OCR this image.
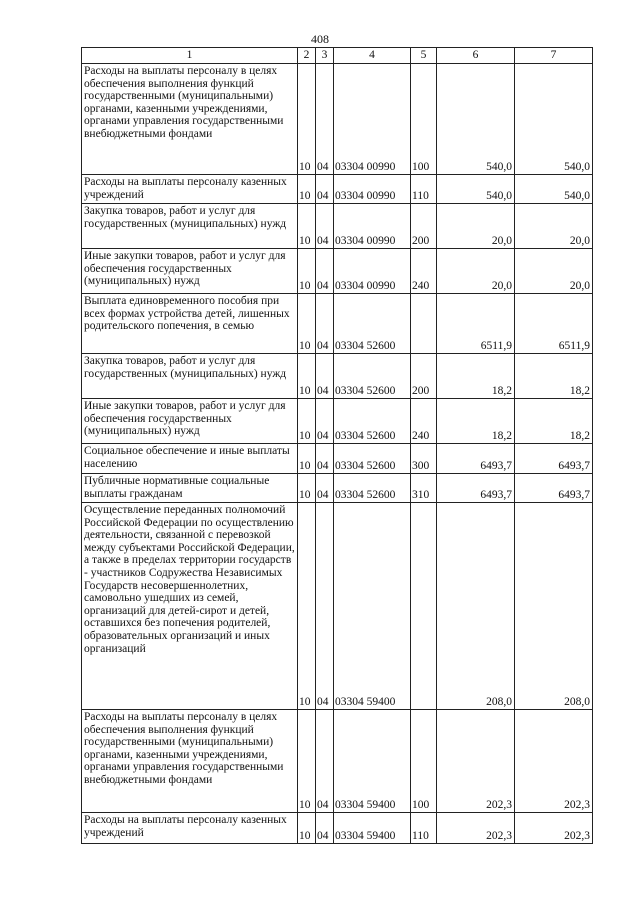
408
1	2	3	4	5	6	7
Расходы на выплаты персоналу в целях обеспечения выполнения функций государственными (муниципальными) органами, казенными учреждениями, органами управления государственными внебюджетными фондами	10	04	03304 00990	100	540,0	540,0
Расходы на выплаты персоналу казенных учреждений	10	04	03304 00990	110	540,0	540,0
Закупка товаров, работ и услуг для государственных (муниципальных) нужд	10	04	03304 00990	200	20,0	20,0
Иные закупки товаров, работ и услуг для обеспечения государственных (муниципальных) нужд	10	04	03304 00990	240	20,0	20,0
Выплата единовременного пособия при всех формах устройства детей, лишенных родительского попечения, в семью	10	04	03304 52600		6511,9	6511,9
Закупка товаров, работ и услуг для государственных (муниципальных) нужд	10	04	03304 52600	200	18,2	18,2
Иные закупки товаров, работ и услуг для обеспечения государственных (муниципальных) нужд	10	04	03304 52600	240	18,2	18,2
Социальное обеспечение и иные выплаты населению	10	04	03304 52600	300	6493,7	6493,7
Публичные нормативные социальные выплаты гражданам	10	04	03304 52600	310	6493,7	6493,7
Осуществление переданных полномочий Российской Федерации по осуществлению деятельности, связанной с перевозкой между субъектами Российской Федерации, а также в пределах территории государств - участников Содружества Независимых Государств несовершеннолетних, самовольно ушедших из семей, организаций для детей-сирот и детей, оставшихся без попечения родителей, образовательных организаций и иных организаций	10	04	03304 59400		208,0	208,0
Расходы на выплаты персоналу в целях обеспечения выполнения функций государственными (муниципальными) органами, казенными учреждениями, органами управления государственными внебюджетными фондами	10	04	03304 59400	100	202,3	202,3
Расходы на выплаты персоналу казенных учреждений	10	04	03304 59400	110	202,3	202,3
